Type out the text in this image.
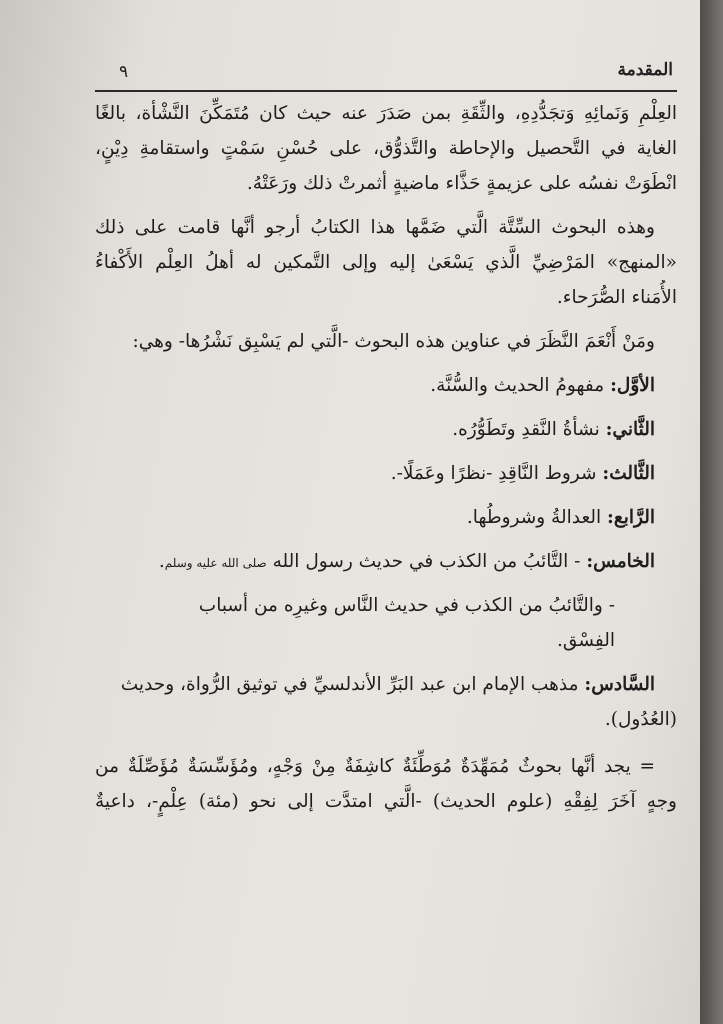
المقدمة
٩
العِلْمِ وَنَمائِهِ وَتجَدُّدِهِ، والثِّقَةِ بمن صَدَرَ عنه حيث كان مُتَمَكِّنَ النَّشْأة، بالغًا
الغاية في التَّحصيل والإحاطة والتَّذوُّق، على حُسْنِ سَمْتٍ واستقامةِ دِيْنٍ،
انْطَوَتْ نفسُه على عزيمةٍ حَذَّاء ماضيةٍ أثمرتْ ذلك ورَعَتْهُ.
وهذه البحوث السِّتَّة الَّتي ضَمَّها هذا الكتابُ أرجو أنَّها قامت على ذلك
«المنهج» المَرْضِيِّ الَّذي يَسْعَىٰ إليه وإلى التَّمكين له أهلُ العِلْم الأَكْفاءُ
الأُمَناء الصُّرَحاء.
ومَنْ أَنْعَمَ النَّظَرَ في عناوين هذه البحوث -الَّتي لم يَسْبِق نَشْرُها- وهي:
الأوَّل: مفهومُ الحديث والسُّنَّة.
الثَّاني: نشأةُ النَّقدِ وتَطَوُّرُه.
الثَّالث: شروط النَّاقِدِ -نظرًا وعَمَلًا-.
الرَّابع: العدالةُ وشروطُها.
الخامس: - التَّائبُ من الكذب في حديث رسول الله صلى الله عليه وسلم.
- والتَّائبُ من الكذب في حديث النَّاس وغيرِه من أسباب
الفِسْق.
السَّادس: مذهب الإمام ابن عبد البَرِّ الأندلسيِّ في توثيق الرُّواة، وحديث
(العُدُول).
= يجد أنَّها بحوثٌ مُمَهِّدَةٌ مُوَطِّئَةٌ كاشِفَةٌ مِنْ وَجْهٍ، ومُؤَسِّسَةٌ مُؤَصِّلَةٌ من
وجهٍ آخَرَ لِفِقْهِ (علوم الحديث) -الَّتي امتدَّت إلى نحو (مئة) عِلْمٍ-، داعيةٌ
